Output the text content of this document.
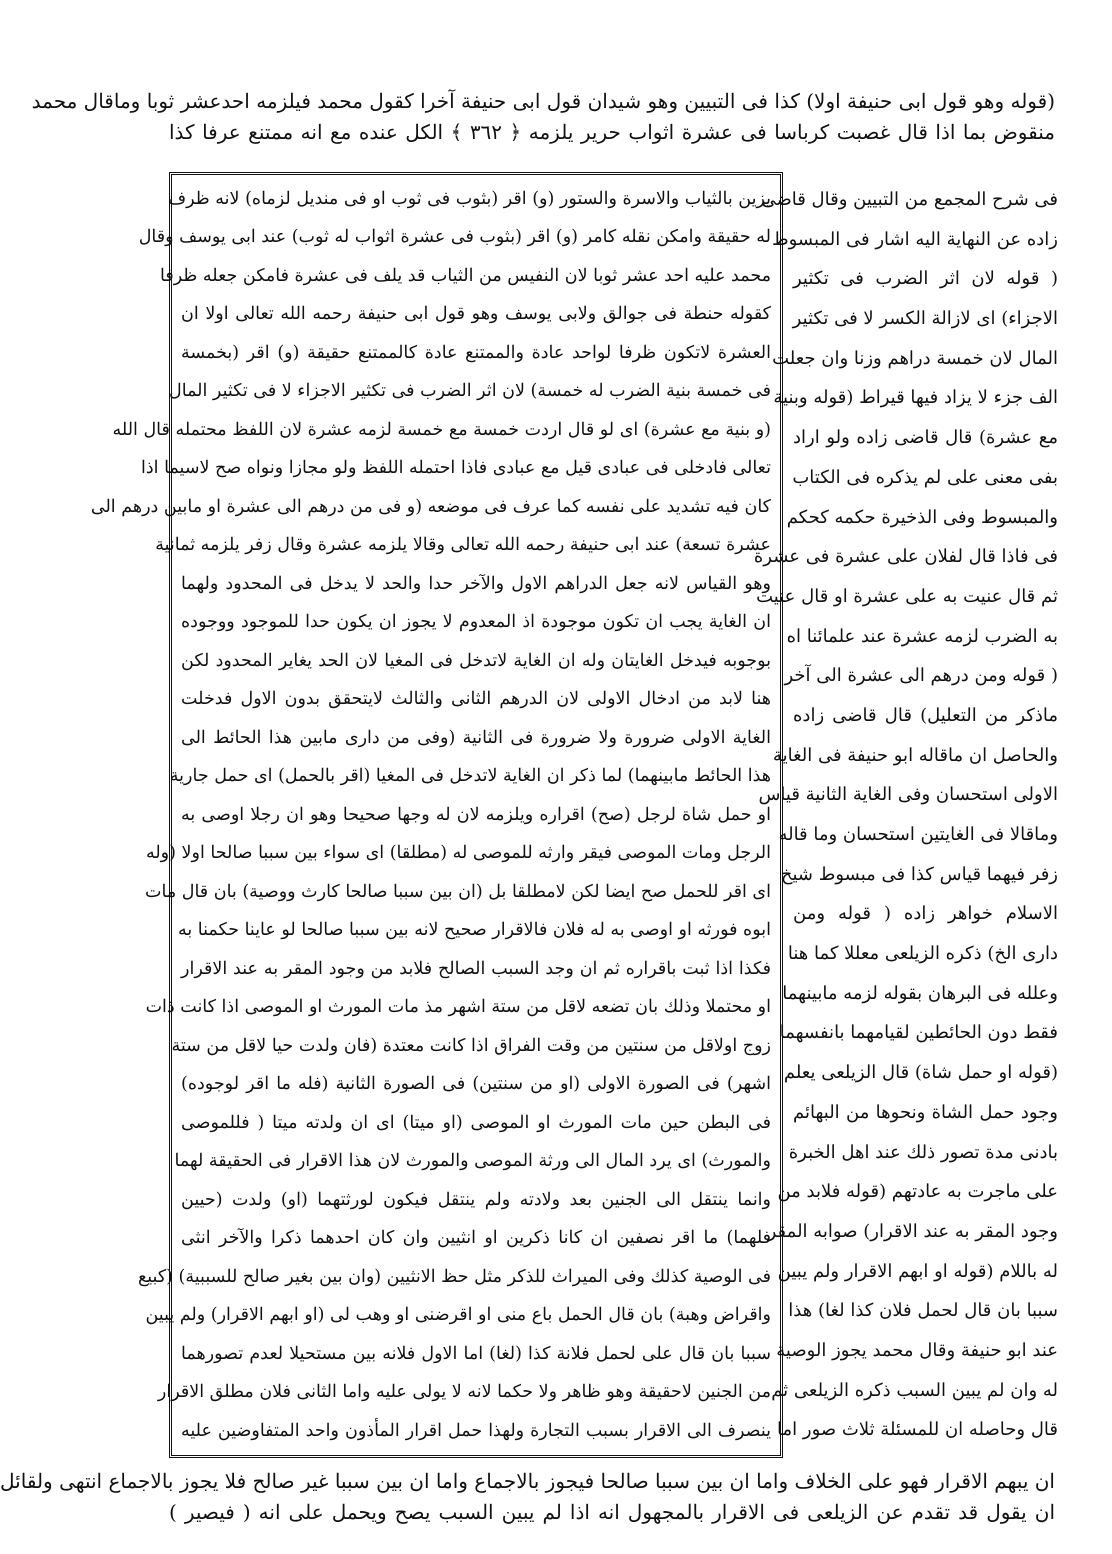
(قوله وهو قول ابى حنيفة اولا) كذا فى التبيين وهو شيدان قول ابى حنيفة آخرا كقول محمد فيلزمه احدعشر ثوبا وماقال محمد
منقوض بما اذا قال غصبت كرباسا فى عشرة اثواب حرير يلزمه ﴿ ٣٦٢ ﴾ الكل عنده مع انه ممتنع عرفا كذا
فى شرح المجمع من التبيين وقال قاضى
زاده عن النهاية اليه اشار فى المبسوط
( قوله لان اثر الضرب فى تكثير
الاجزاء) اى لازالة الكسر لا فى تكثير
المال لان خمسة دراهم وزنا وان جعلت
الف جزء لا يزاد فيها قيراط (قوله وبنية
مع عشرة) قال قاضى زاده ولو اراد
بفى معنى على لم يذكره فى الكتاب
والمبسوط وفى الذخيرة حكمه كحكم
فى فاذا قال لفلان على عشرة فى عشرة
ثم قال عنيت به على عشرة او قال عنيت
به الضرب لزمه عشرة عند علمائنا اه
( قوله ومن درهم الى عشرة الى آخر
ماذكر من التعليل) قال قاضى زاده
والحاصل ان ماقاله ابو حنيفة فى الغاية
الاولى استحسان وفى الغاية الثانية قياس
وماقالا فى الغايتين استحسان وما قاله
زفر فيهما قياس كذا فى مبسوط شيخ
الاسلام خواهر زاده ( قوله ومن
دارى الخ) ذكره الزيلعى معللا كما هنا
وعلله فى البرهان بقوله لزمه مابينهما
فقط دون الحائطين لقيامهما بانفسهما
(قوله او حمل شاة) قال الزيلعى يعلم
وجود حمل الشاة ونحوها من البهائم
بادنى مدة تصور ذلك عند اهل الخبرة
على ماجرت به عادتهم (قوله فلابد من
وجود المقر به عند الاقرار) صوابه المقر
له باللام (قوله او ابهم الاقرار ولم يبين
سببا بان قال لحمل فلان كذا لغا) هذا
عند ابو حنيفة وقال محمد يجوز الوصية
له وان لم يبين السبب ذكره الزيلعى ثم
قال وحاصله ان للمسئلة ثلاث صور اما
يزين بالثياب والاسرة والستور (و) اقر (بثوب فى ثوب او فى منديل لزماه) لانه ظرف
له حقيقة وامكن نقله كامر (و) اقر (بثوب فى عشرة اثواب له ثوب) عند ابى يوسف وقال
محمد عليه احد عشر ثوبا لان النفيس من الثياب قد يلف فى عشرة فامكن جعله ظرفا
كقوله حنطة فى جوالق ولابى يوسف وهو قول ابى حنيفة رحمه الله تعالى اولا ان
العشرة لاتكون ظرفا لواحد عادة والممتنع عادة كالممتنع حقيقة (و) اقر (بخمسة
فى خمسة بنية الضرب له خمسة) لان اثر الضرب فى تكثير الاجزاء لا فى تكثير المال
(و بنية مع عشرة) اى لو قال اردت خمسة مع خمسة لزمه عشرة لان اللفظ محتمله قال الله
تعالى فادخلى فى عبادى قيل مع عبادى فاذا احتمله اللفظ ولو مجازا ونواه صح لاسيما اذا
كان فيه تشديد على نفسه كما عرف فى موضعه (و فى من درهم الى عشرة او مابين درهم الى
عشرة تسعة) عند ابى حنيفة رحمه الله تعالى وقالا يلزمه عشرة وقال زفر يلزمه ثمانية
وهو القياس لانه جعل الدراهم الاول والآخر حدا والحد لا يدخل فى المحدود ولهما
ان الغاية يجب ان تكون موجودة اذ المعدوم لا يجوز ان يكون حدا للموجود ووجوده
بوجوبه فيدخل الغايتان وله ان الغاية لاتدخل فى المغيا لان الحد يغاير المحدود لكن
هنا لابد من ادخال الاولى لان الدرهم الثانى والثالث لايتحقق بدون الاول فدخلت
الغاية الاولى ضرورة ولا ضرورة فى الثانية (وفى من دارى مابين هذا الحائط الى
هذا الحائط مابينهما) لما ذكر ان الغاية لاتدخل فى المغيا (اقر بالحمل) اى حمل جارية
او حمل شاة لرجل (صح) اقراره ويلزمه لان له وجها صحيحا وهو ان رجلا اوصى به
الرجل ومات الموصى فيقر وارثه للموصى له (مطلقا) اى سواء بين سببا صالحا اولا (وله
اى اقر للحمل صح ايضا لكن لامطلقا بل (ان بين سببا صالحا كارث ووصية) بان قال مات
ابوه فورثه او اوصى به له فلان فالاقرار صحيح لانه بين سببا صالحا لو عاينا حكمنا به
فكذا اذا ثبت باقراره ثم ان وجد السبب الصالح فلابد من وجود المقر به عند الاقرار
او محتملا وذلك بان تضعه لاقل من ستة اشهر مذ مات المورث او الموصى اذا كانت ذات
زوج اولاقل من سنتين من وقت الفراق اذا كانت معتدة (فان ولدت حيا لاقل من ستة
اشهر) فى الصورة الاولى (او من سنتين) فى الصورة الثانية (فله ما اقر لوجوده)
فى البطن حين مات المورث او الموصى (او ميتا) اى ان ولدته ميتا ( فللموصى
والمورث) اى يرد المال الى ورثة الموصى والمورث لان هذا الاقرار فى الحقيقة لهما
وانما ينتقل الى الجنين بعد ولادته ولم ينتقل فيكون لورثتهما (او) ولدت (حيين
فلهما) ما اقر نصفين ان كانا ذكرين او انثيين وان كان احدهما ذكرا والآخر انثى
فى الوصية كذلك وفى الميراث للذكر مثل حظ الانثيين (وان بين بغير صالح للسببية) (كبيع
واقراض وهبة) بان قال الحمل باع منى او اقرضنى او وهب لى (او ابهم الاقرار) ولم يبين
سببا بان قال على لحمل فلانة كذا (لغا) اما الاول فلانه بين مستحيلا لعدم تصورهما
من الجنين لاحقيقة وهو ظاهر ولا حكما لانه لا يولى عليه واما الثانى فلان مطلق الاقرار
ينصرف الى الاقرار بسبب التجارة ولهذا حمل اقرار المأذون واحد المتفاوضين عليه
ان يبهم الاقرار فهو على الخلاف واما ان بين سببا صالحا فيجوز بالاجماع واما ان بين سببا غير صالح فلا يجوز بالاجماع انتهى ولقائل
ان يقول قد تقدم عن الزيلعى فى الاقرار بالمجهول انه اذا لم يبين السبب يصح ويحمل على انه ( فيصير )
